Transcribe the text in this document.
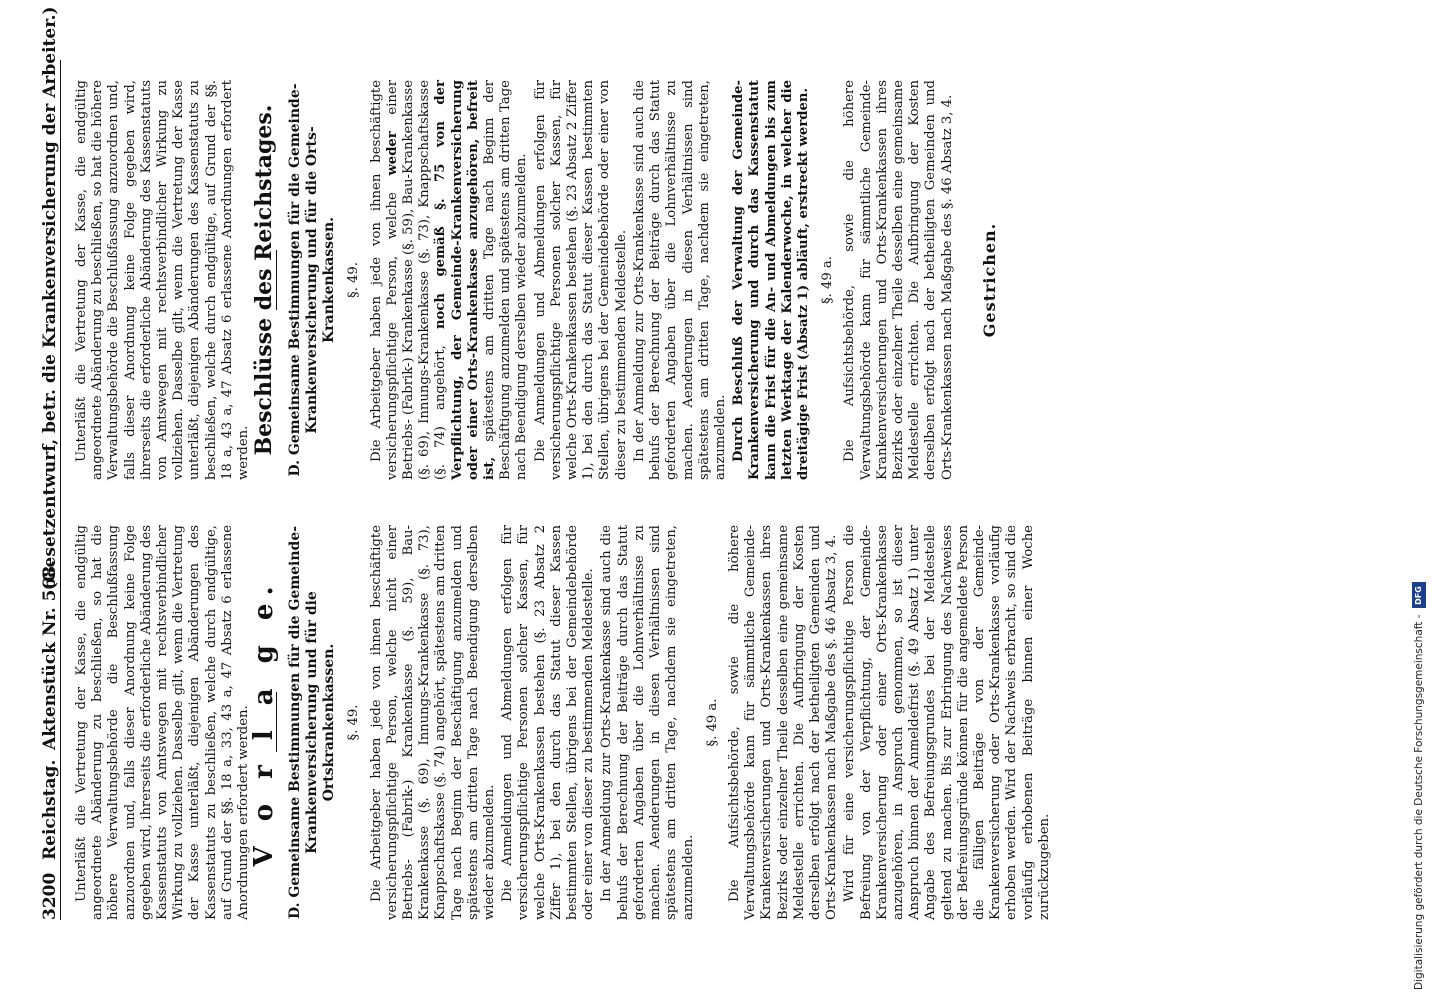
3200
Reichstag.
Aktenstück Nr. 568.
(Gesetzentwurf, betr. die Krankenversicherung der Arbeiter.)

Unterläßt die Vertretung der Kasse, die endgültig angeordnete Abänderung zu beschließen, so hat die höhere Verwaltungsbehörde die Beschlußfassung anzuordnen und, falls dieser Anordnung keine Folge gegeben wird, ihrerseits die erforderliche Abänderung des Kassenstatuts von Amtswegen mit rechtsverbindlicher Wirkung zu vollziehen. Dasselbe gilt, wenn die Vertretung der Kasse unterläßt, diejenigen Abänderungen des Kassenstatuts zu beschließen, welche durch endgültige, auf Grund der §§. 18 a, 33, 43 a, 47 Absatz 6 erlassene Anordnungen erfordert werden.

V o r l a g e. D. Gemeinsame Bestimmungen für die Gemeinde-Krankenversicherung und für die Ortskrankenkassen. §. 49. Die Arbeitgeber haben jede von ihnen beschäftigte versicherungspflichtige Person, welche nicht einer Betriebs- (Fabrik-) Krankenkasse (§. 59), Bau-Krankenkasse (§. 69), Innungs-Krankenkasse (§. 73), Knappschaftskasse (§. 74) angehört, spätestens am dritten Tage nach Beginn der Beschäftigung anzumelden und spätestens am dritten Tage nach Beendigung derselben wieder abzumelden. Die Anmeldungen und Abmeldungen erfolgen für versicherungspflichtige Personen solcher Kassen, für welche Orts-Krankenkassen bestehen (§. 23 Absatz 2 Ziffer 1), bei den durch das Statut dieser Kassen bestimmten Stellen, übrigens bei der Gemeindebehörde oder einer von dieser zu bestimmenden Meldestelle. In der Anmeldung zur Orts-Krankenkasse sind auch die behufs der Berechnung der Beiträge durch das Statut geforderten Angaben über die Lohnverhältnisse zu machen. Aenderungen in diesen Verhältnissen sind spätestens am dritten Tage, nachdem sie eingetreten, anzumelden.

§. 49 a. Die Aufsichtsbehörde, sowie die höhere Verwaltungsbehörde kann für sämmtliche Gemeinde-Krankenversicherungen und Orts-Krankenkassen ihres Bezirks oder einzelner Theile desselben eine gemeinsame Meldestelle errichten. Die Aufbringung der Kosten derselben erfolgt nach der betheiligten Gemeinden und Orts-Krankenkassen nach Maßgabe des §. 46 Absatz 3, 4. Wird für eine versicherungspflichtige Person die Befreiung von der Verpflichtung, der Gemeinde-Krankenversicherung oder einer Orts-Krankenkasse anzugehören, in Anspruch genommen, so ist dieser Anspruch binnen der Anmeldefrist (§. 49 Absatz 1) unter Angabe des Befreiungsgrundes bei der Meldestelle geltend zu machen. Bis zur Erbringung des Nachweises der Befreiungsgründe können für die angemeldete Person die fälligen Beiträge von der Gemeinde-Krankenversicherung oder Orts-Krankenkasse vorläufig erhoben werden. Wird der Nachweis erbracht, so sind die vorläufig erhobenen Beiträge binnen einer Woche zurückzugeben.

Unterläßt die Vertretung der Kasse, die endgültig angeordnete Abänderung zu beschließen, so hat die höhere Verwaltungsbehörde die Beschlußfassung anzuordnen und, falls dieser Anordnung keine Folge gegeben wird, ihrerseits die erforderliche Abänderung des Kassenstatuts von Amtswegen mit rechtsverbindlicher Wirkung zu vollziehen. Dasselbe gilt, wenn die Vertretung der Kasse unterläßt, diejenigen Abänderungen des Kassenstatuts zu beschließen, welche durch endgültige, auf Grund der §§. 18 a, 43 a, 47 Absatz 6 erlassene Anordnungen erfordert werden. Beschlüsse des Reichstages. D. Gemeinsame Bestimmungen für die Gemeinde-Krankenversicherung und für die Orts-Krankenkassen. §. 49. Die Arbeitgeber haben jede von ihnen beschäftigte versicherungspflichtige Person, welche weder einer Betriebs- (Fabrik-) Krankenkasse (§. 59), Bau-Krankenkasse (§. 69), Innungs-Krankenkasse (§. 73), Knappschaftskasse (§. 74) angehört, noch gemäß §. 75 von der Verpflichtung, der Gemeinde-Krankenversicherung oder einer Orts-Krankenkasse anzugehören, befreit ist, spätestens am dritten Tage nach Beginn der Beschäftigung anzumelden und spätestens am dritten Tage nach Beendigung derselben wieder abzumelden. Die Anmeldungen und Abmeldungen erfolgen für versicherungspflichtige Personen solcher Kassen, für welche Orts-Krankenkassen bestehen (§. 23 Absatz 2 Ziffer 1), bei den durch das Statut dieser Kassen bestimmten Stellen, übrigens bei der Gemeindebehörde oder einer von dieser zu bestimmenden Meldestelle. In der Anmeldung zur Orts-Krankenkasse sind auch die behufs der Berechnung der Beiträge durch das Statut geforderten Angaben über die Lohnverhältnisse zu machen. Aenderungen in diesen Verhältnissen sind spätestens am dritten Tage, nachdem sie eingetreten, anzumelden. Durch Beschluß der Verwaltung der Gemeinde-Krankenversicherung und durch das Kassenstatut kann die Frist für die An- und Abmeldungen bis zum letzten Werktage der Kalenderwoche, in welcher die dreitägige Frist (Absatz 1) abläuft, erstreckt werden. §. 49 a. Die Aufsichtsbehörde, sowie die höhere Verwaltungsbehörde kann für sämmtliche Gemeinde-Krankenversicherungen und Orts-Krankenkassen ihres Bezirks oder einzelner Theile desselben eine gemeinsame Meldestelle errichten. Die Aufbringung der Kosten derselben erfolgt nach der betheiligten Gemeinden und Orts-Krankenkassen nach Maßgabe des §. 46 Absatz 3, 4. Gestrichen.
Digitalisierung gefördert durch die Deutsche Forschungsgemeinschaft -
DFG
